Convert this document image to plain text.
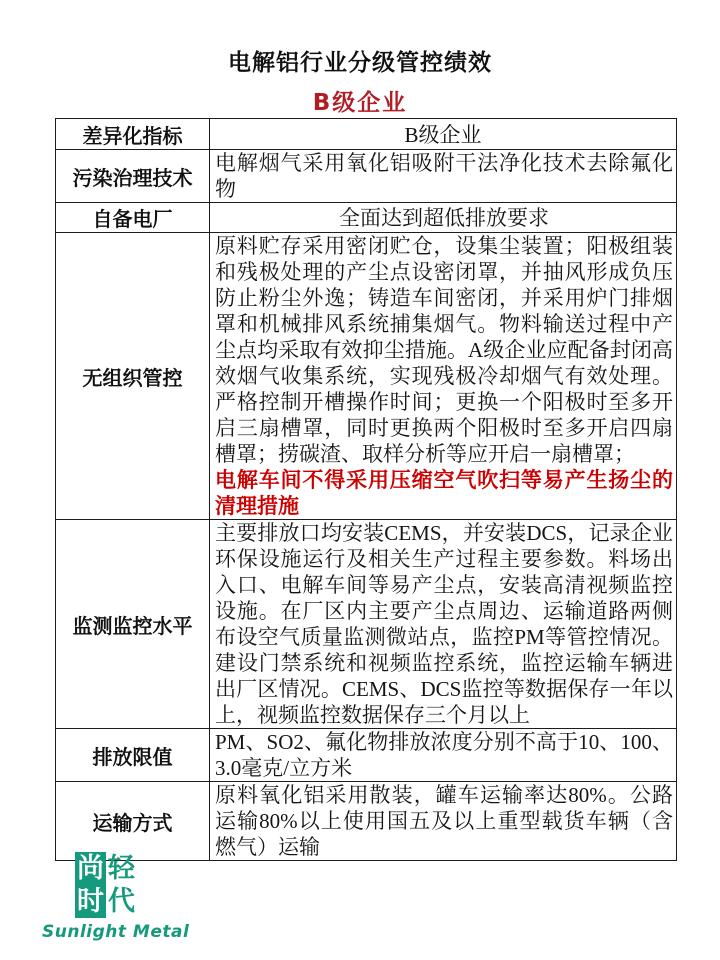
电解铝行业分级管控绩效
B级企业
差异化指标	B级企业
污染治理技术	电解烟气采用氧化铝吸附干法净化技术去除氟化物
自备电厂	全面达到超低排放要求
无组织管控	原料贮存采用密闭贮仓，设集尘装置；阳极组装和残极处理的产尘点设密闭罩，并抽风形成负压防止粉尘外逸；铸造车间密闭，并采用炉门排烟罩和机械排风系统捕集烟气。物料输送过程中产尘点均采取有效抑尘措施。A级企业应配备封闭高效烟气收集系统，实现残极冷却烟气有效处理。严格控制开槽操作时间；更换一个阳极时至多开启三扇槽罩，同时更换两个阳极时至多开启四扇槽罩；捞碳渣、取样分析等应开启一扇槽罩；
电解车间不得采用压缩空气吹扫等易产生扬尘的清理措施

监测监控水平	主要排放口均安装CEMS，并安装DCS，记录企业环保设施运行及相关生产过程主要参数。料场出入口、电解车间等易产尘点，安装高清视频监控设施。在厂区内主要产尘点周边、运输道路两侧布设空气质量监测微站点，监控PM等管控情况。建设门禁系统和视频监控系统，监控运输车辆进出厂区情况。CEMS、DCS监控等数据保存一年以上，视频监控数据保存三个月以上
排放限值	PM、SO2、氟化物排放浓度分别不高于10、100、3.0毫克/立方米
运输方式	原料氧化铝采用散装，罐车运输率达80%。公路运输80%以上使用国五及以上重型载货车辆（含燃气）运输
尚 轻
时 代
Sunlight Metal
